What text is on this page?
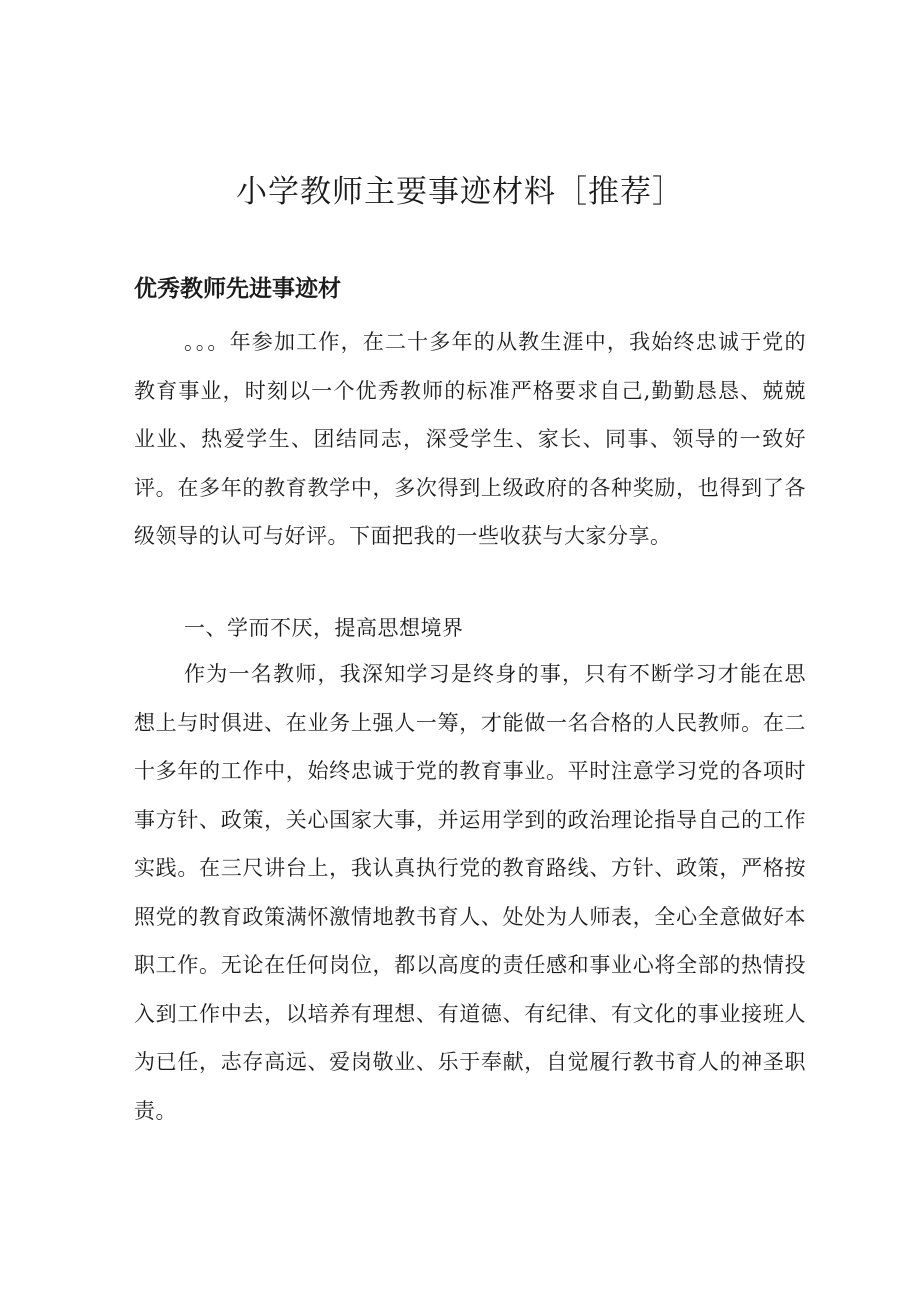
小学教师主要事迹材料［推荐］
优秀教师先进事迹材

。。。年参加工作，在二十多年的从教生涯中，我始终忠诚于党的教育事业，时刻以一个优秀教师的标准严格要求自己,勤勤恳恳、兢兢业业、热爱学生、团结同志，深受学生、家长、同事、领导的一致好评。在多年的教育教学中，多次得到上级政府的各种奖励，也得到了各级领导的认可与好评。下面把我的一些收获与大家分享。

一、学而不厌，提高思想境界

作为一名教师，我深知学习是终身的事，只有不断学习才能在思想上与时俱进、在业务上强人一筹，才能做一名合格的人民教师。在二十多年的工作中，始终忠诚于党的教育事业。平时注意学习党的各项时事方针、政策，关心国家大事，并运用学到的政治理论指导自己的工作实践。在三尺讲台上，我认真执行党的教育路线、方针、政策，严格按照党的教育政策满怀激情地教书育人、处处为人师表，全心全意做好本职工作。无论在任何岗位，都以高度的责任感和事业心将全部的热情投入到工作中去，以培养有理想、有道德、有纪律、有文化的事业接班人为已任，志存高远、爱岗敬业、乐于奉献，自觉履行教书育人的神圣职责。
